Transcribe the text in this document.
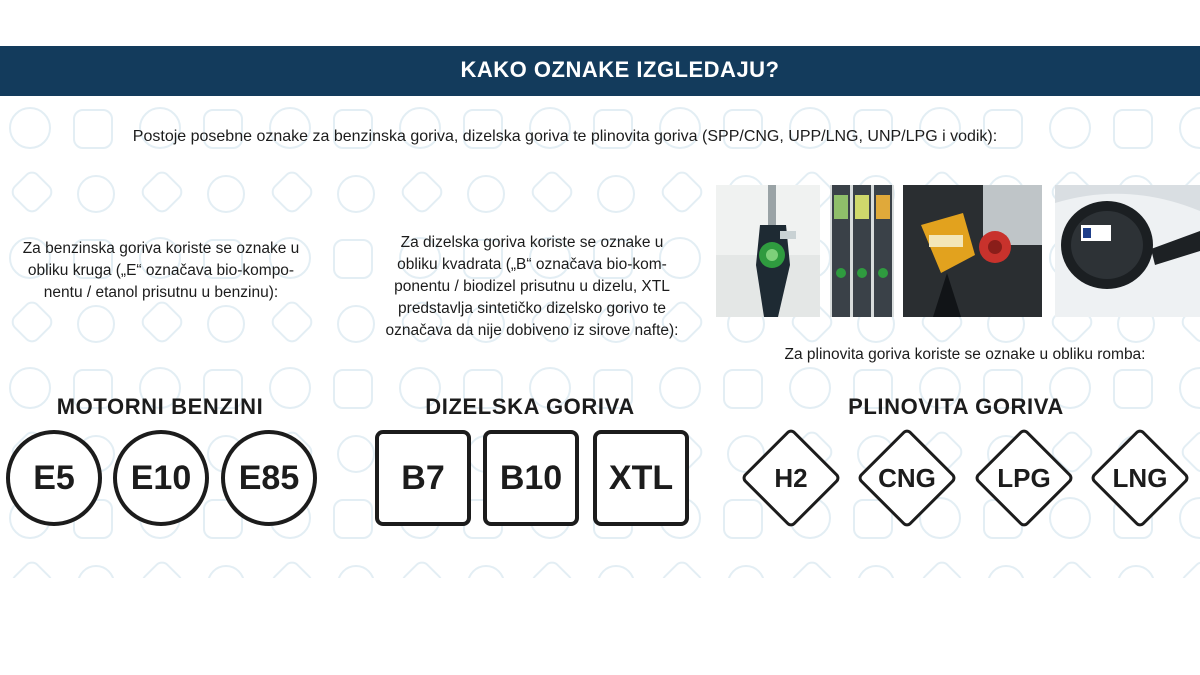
KAKO OZNAKE IZGLEDAJU?
Postoje posebne oznake za benzinska goriva, dizelska goriva te plinovita goriva (SPP/CNG, UPP/LNG, UNP/LPG i vodik):
Za benzinska goriva koriste se oznake u
obliku kruga („E“ označava bio-kompo-
nentu / etanol prisutnu u benzinu):
Za dizelska goriva koriste se oznake u
obliku kvadrata („B“ označava bio-kom-
ponentu / biodizel prisutnu u dizelu, XTL
predstavlja sintetičko dizelsko gorivo te
označava da nije dobiveno iz sirove nafte):
Za plinovita goriva koriste se oznake u obliku romba:
MOTORNI BENZINI	DIZELSKA GORIVA	PLINOVITA GORIVA
E5 E10 E85	B7 B10 XTL	H2	CNG	LPG	LNG
